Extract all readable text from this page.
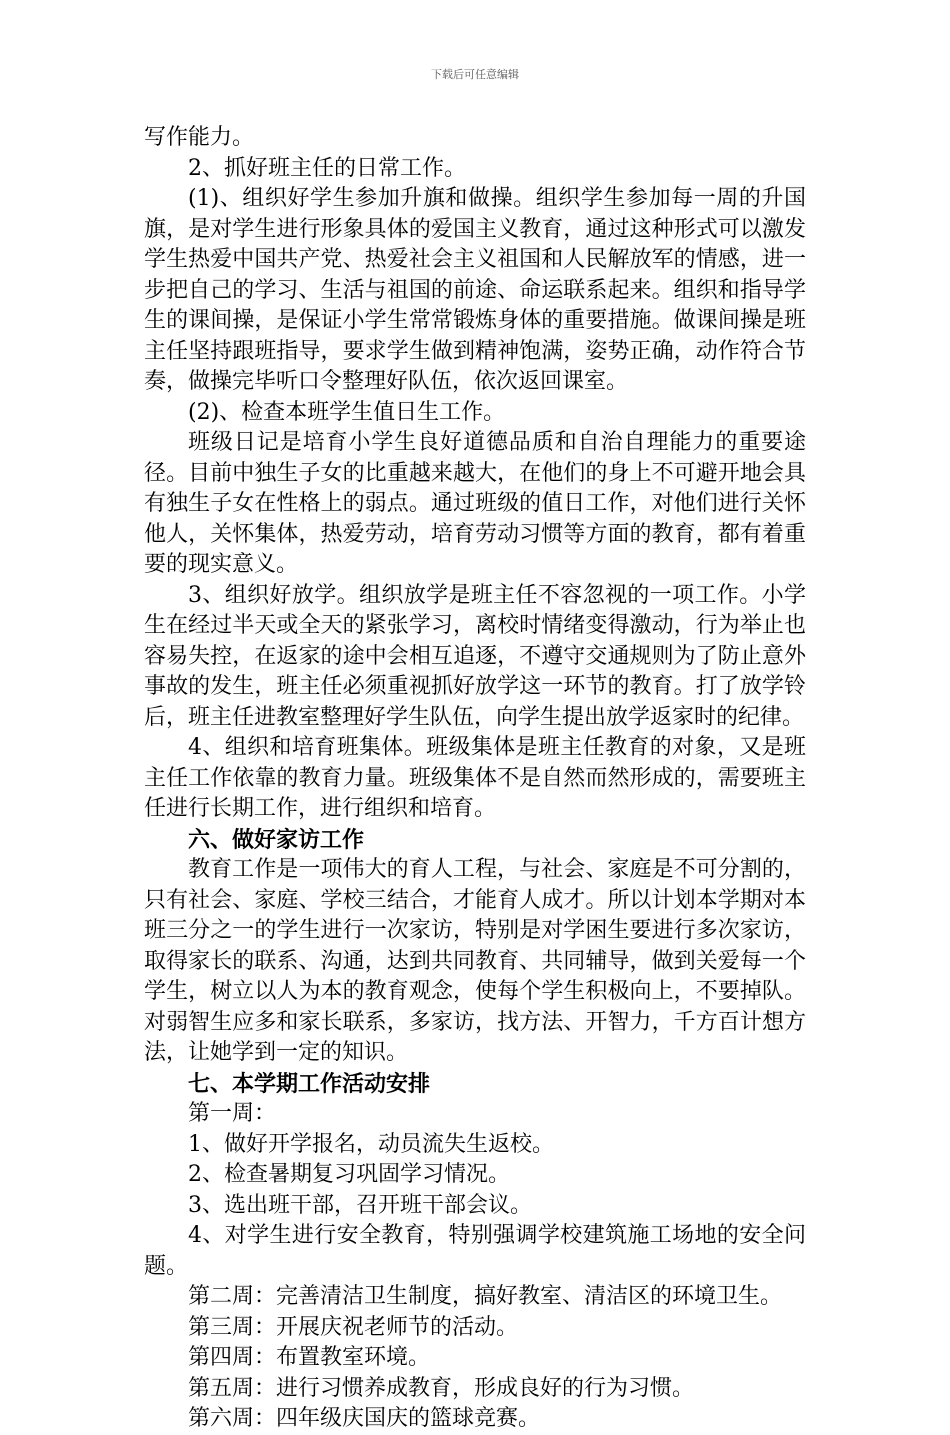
下载后可任意编辑

写作能力。

2、抓好班主任的日常工作。

(1)、组织好学生参加升旗和做操。组织学生参加每一周的升国旗，是对学生进行形象具体的爱国主义教育，通过这种形式可以激发学生热爱中国共产党、热爱社会主义祖国和人民解放军的情感，进一步把自己的学习、生活与祖国的前途、命运联系起来。组织和指导学生的课间操，是保证小学生常常锻炼身体的重要措施。做课间操是班主任坚持跟班指导，要求学生做到精神饱满，姿势正确，动作符合节奏，做操完毕听口令整理好队伍，依次返回课室。

(2)、检查本班学生值日生工作。

班级日记是培育小学生良好道德品质和自治自理能力的重要途径。目前中独生子女的比重越来越大，在他们的身上不可避开地会具有独生子女在性格上的弱点。通过班级的值日工作，对他们进行关怀他人，关怀集体，热爱劳动，培育劳动习惯等方面的教育，都有着重要的现实意义。

3、组织好放学。组织放学是班主任不容忽视的一项工作。小学生在经过半天或全天的紧张学习，离校时情绪变得激动，行为举止也容易失控，在返家的途中会相互追逐，不遵守交通规则为了防止意外事故的发生，班主任必须重视抓好放学这一环节的教育。打了放学铃后，班主任进教室整理好学生队伍，向学生提出放学返家时的纪律。

4、组织和培育班集体。班级集体是班主任教育的对象，又是班主任工作依靠的教育力量。班级集体不是自然而然形成的，需要班主任进行长期工作，进行组织和培育。

六、做好家访工作

教育工作是一项伟大的育人工程，与社会、家庭是不可分割的，只有社会、家庭、学校三结合，才能育人成才。所以计划本学期对本班三分之一的学生进行一次家访，特别是对学困生要进行多次家访，取得家长的联系、沟通，达到共同教育、共同辅导，做到关爱每一个学生，树立以人为本的教育观念，使每个学生积极向上，不要掉队。对弱智生应多和家长联系，多家访，找方法、开智力，千方百计想方法，让她学到一定的知识。

七、本学期工作活动安排

第一周：

1、做好开学报名，动员流失生返校。

2、检查暑期复习巩固学习情况。

3、选出班干部，召开班干部会议。

4、对学生进行安全教育，特别强调学校建筑施工场地的安全问题。

第二周：完善清洁卫生制度，搞好教室、清洁区的环境卫生。

第三周：开展庆祝老师节的活动。

第四周：布置教室环境。

第五周：进行习惯养成教育，形成良好的行为习惯。

第六周：四年级庆国庆的篮球竞赛。
